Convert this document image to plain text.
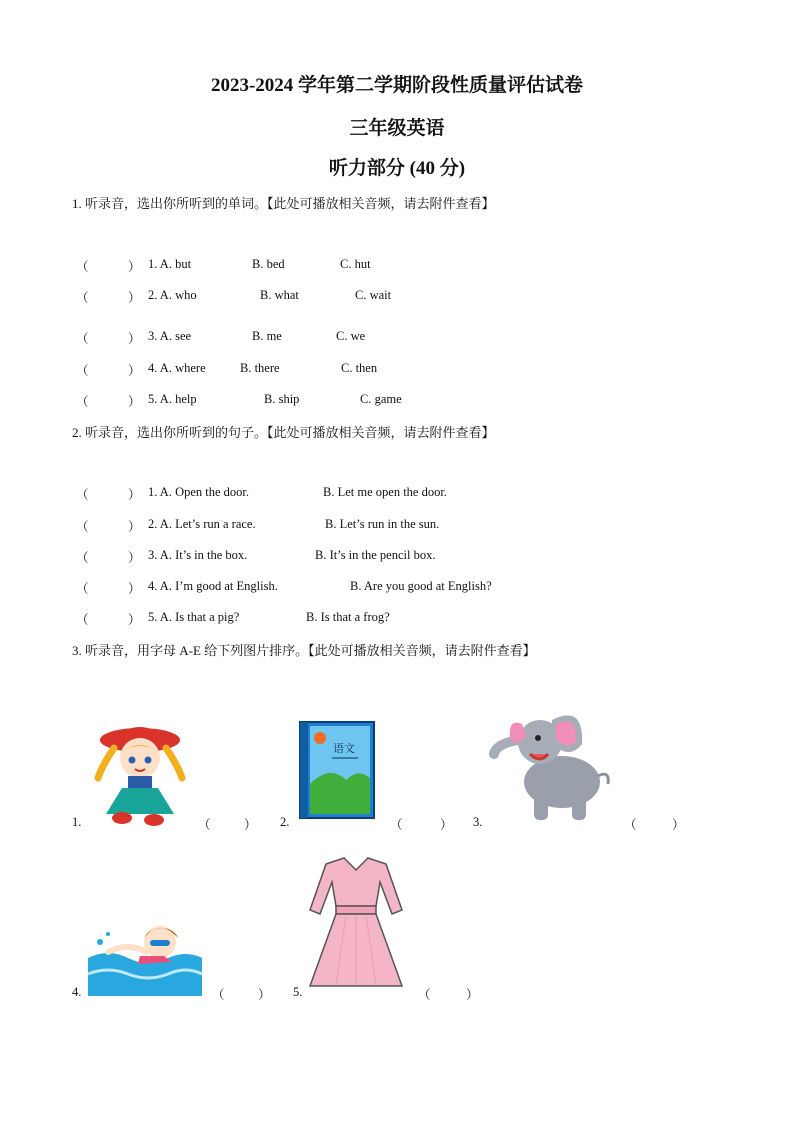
2023-2024 学年第二学期阶段性质量评估试卷
三年级英语
听力部分 (40 分)
1. 听录音，选出你所听到的单词。【此处可播放相关音频，请去附件查看】
（	） 1. A. but	B. bed	C. hut
（	） 2. A. who	B. what	C. wait
（	） 3. A. see	B. me	C. we
（	） 4. A. where	B. there	C. then
（	） 5. A. help	B. ship	C. game
2. 听录音，选出你所听到的句子。【此处可播放相关音频，请去附件查看】
（	） 1. A. Open the door.	B. Let me open the door.
（	） 2. A. Let’s run a race.	B. Let’s run in the sun.
（	） 3. A. It’s in the box.	B. It’s in the pencil box.
（	） 4. A. I’m good at English.	B. Are you good at English?
（	） 5. A. Is that a pig?	B. Is that a frog?
3. 听录音，用字母 A-E 给下列图片排序。【此处可播放相关音频，请去附件查看】
1.	（	） 2.
语文
（	） 3.	（	）
4.	（	） 5.	（	）
